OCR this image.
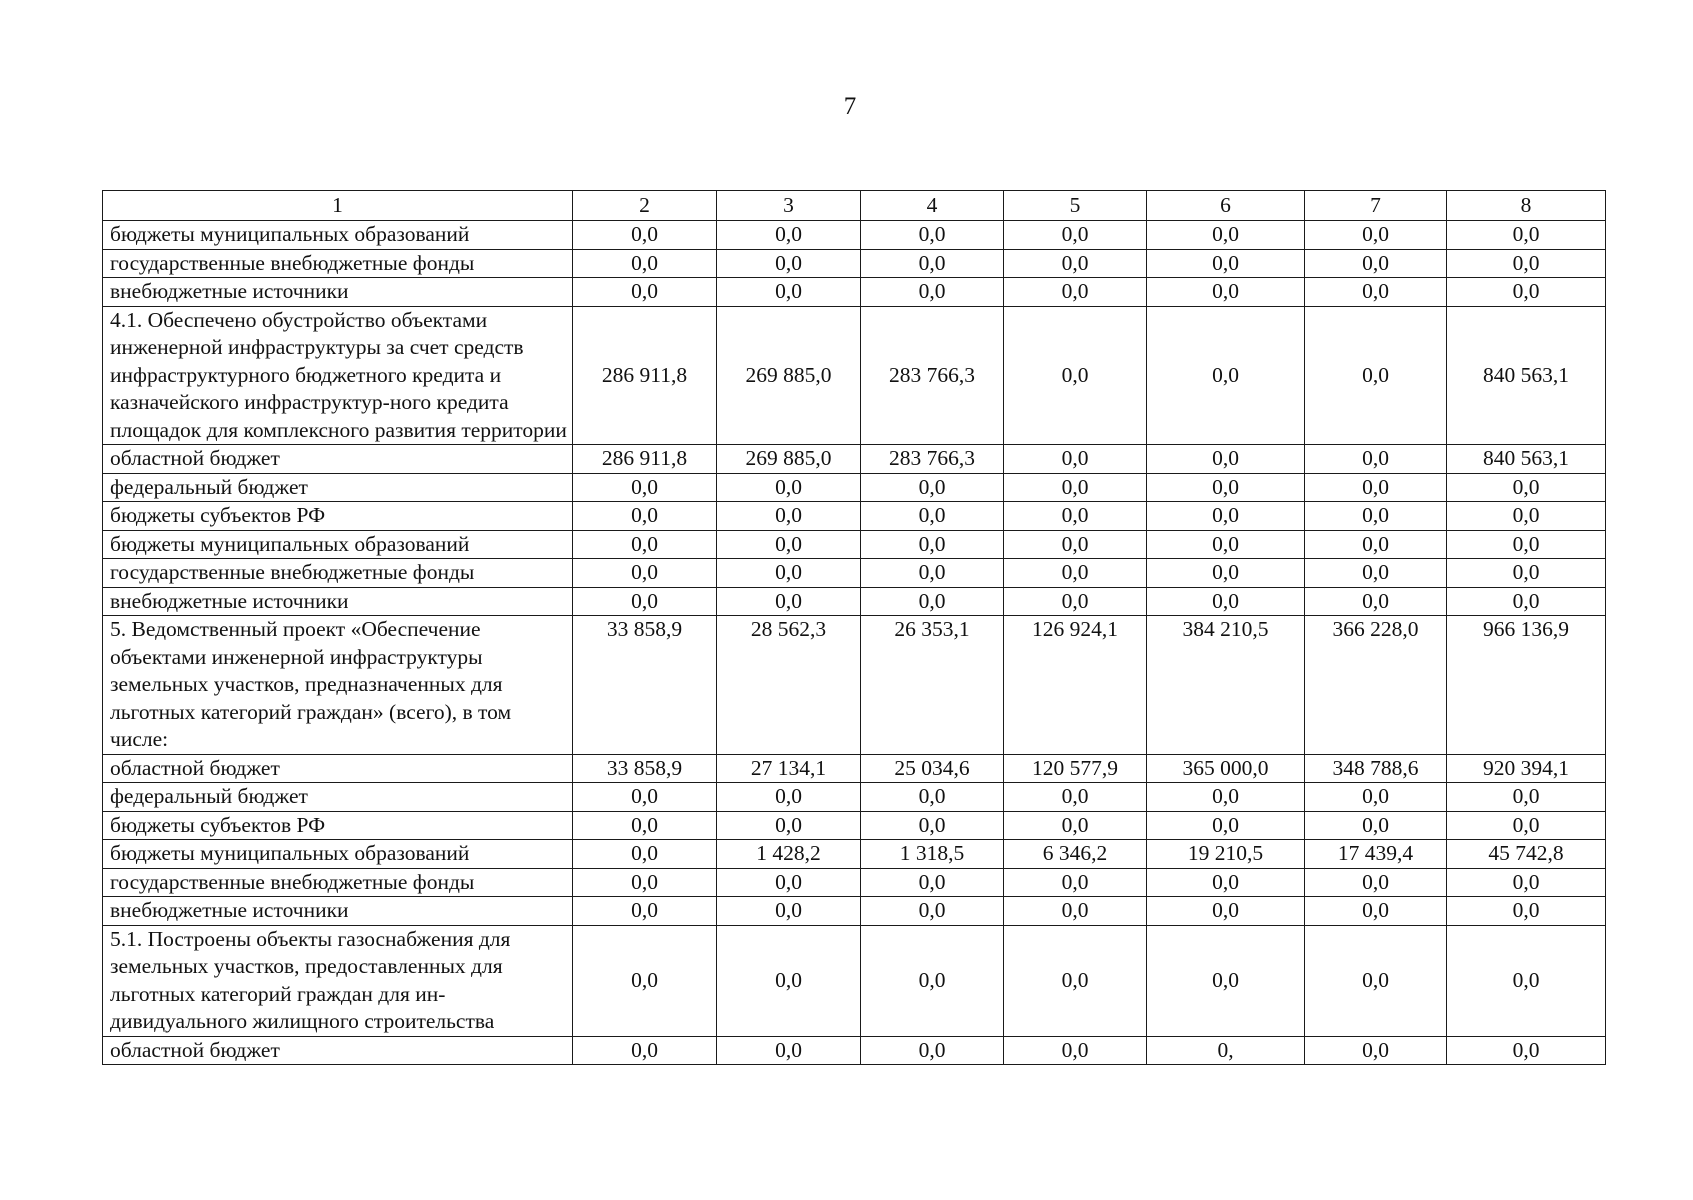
7
1	2	3	4	5	6	7	8
бюджеты муниципальных образований	0,0	0,0	0,0	0,0	0,0	0,0	0,0
государственные внебюджетные фонды	0,0	0,0	0,0	0,0	0,0	0,0	0,0
внебюджетные источники	0,0	0,0	0,0	0,0	0,0	0,0	0,0
4.1. Обеспечено обустройство объектами инженерной инфраструктуры за счет средств инфраструктурного бюджетного кредита и казначейского инфраструктур-ного кредита площадок для комплексного развития территории	286 911,8	269 885,0	283 766,3	0,0	0,0	0,0	840 563,1
областной бюджет	286 911,8	269 885,0	283 766,3	0,0	0,0	0,0	840 563,1
федеральный бюджет	0,0	0,0	0,0	0,0	0,0	0,0	0,0
бюджеты субъектов РФ	0,0	0,0	0,0	0,0	0,0	0,0	0,0
бюджеты муниципальных образований	0,0	0,0	0,0	0,0	0,0	0,0	0,0
государственные внебюджетные фонды	0,0	0,0	0,0	0,0	0,0	0,0	0,0
внебюджетные источники	0,0	0,0	0,0	0,0	0,0	0,0	0,0
5. Ведомственный проект «Обеспечение объектами инженерной инфраструктуры земельных участков, предназначенных для льготных категорий граждан» (всего), в том числе:	33 858,9	28 562,3	26 353,1	126 924,1	384 210,5	366 228,0	966 136,9
областной бюджет	33 858,9	27 134,1	25 034,6	120 577,9	365 000,0	348 788,6	920 394,1
федеральный бюджет	0,0	0,0	0,0	0,0	0,0	0,0	0,0
бюджеты субъектов РФ	0,0	0,0	0,0	0,0	0,0	0,0	0,0
бюджеты муниципальных образований	0,0	1 428,2	1 318,5	6 346,2	19 210,5	17 439,4	45 742,8
государственные внебюджетные фонды	0,0	0,0	0,0	0,0	0,0	0,0	0,0
внебюджетные источники	0,0	0,0	0,0	0,0	0,0	0,0	0,0
5.1. Построены объекты газоснабжения для земельных участков, предоставленных для льготных категорий граждан для ин-дивидуального жилищного строительства	0,0	0,0	0,0	0,0	0,0	0,0	0,0
областной бюджет	0,0	0,0	0,0	0,0	0,	0,0	0,0
